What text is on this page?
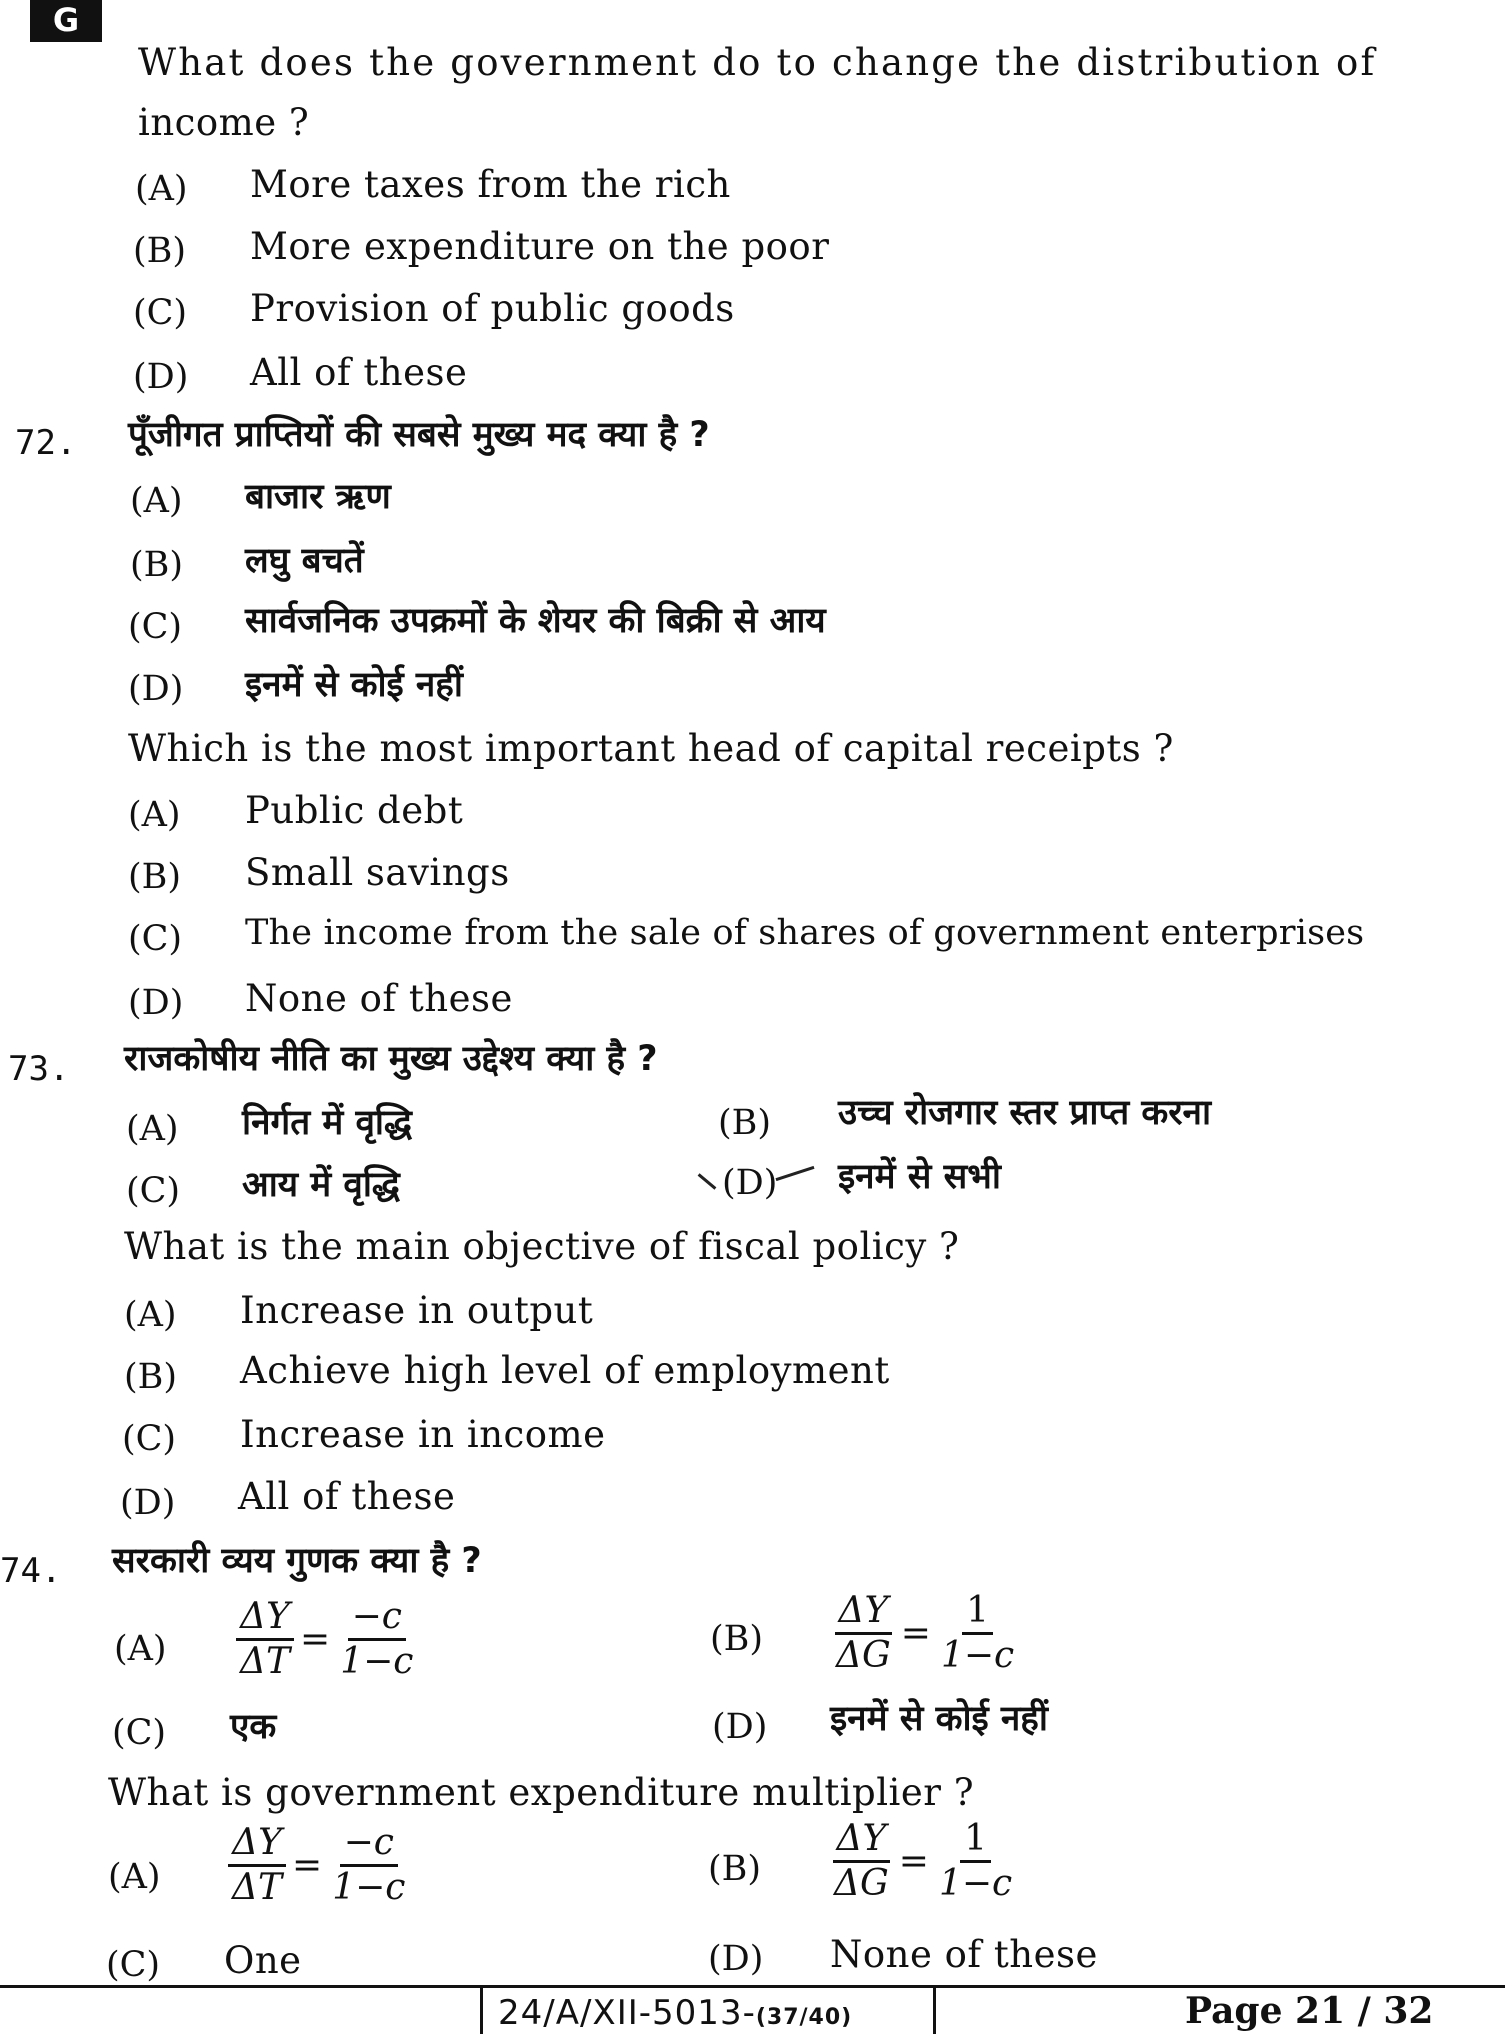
G
What does the government do to change the distribution of
income ?
(A) More taxes from the rich
(B) More expenditure on the poor
(C) Provision of public goods
(D) All of these
72. पूँजीगत प्राप्तियों की सबसे मुख्य मद क्या है ?
(A) बाजार ऋण
(B) लघु बचतें
(C) सार्वजनिक उपक्रमों के शेयर की बिक्री से आय
(D) इनमें से कोई नहीं
Which is the most important head of capital receipts ?
(A) Public debt
(B) Small savings
(C) The income from the sale of shares of government enterprises
(D) None of these
73. राजकोषीय नीति का मुख्य उद्देश्य क्या है ?
(A) निर्गत में वृद्धि	(B) उच्च रोजगार स्तर प्राप्त करना
(C) आय में वृद्धि	(D) इनमें से सभी
What is the main objective of fiscal policy ?
(A) Increase in output
(B) Achieve high level of employment
(C) Increase in income
(D) All of these
74. सरकारी व्यय गुणक क्या है ?
$(A) \frac{\Delta Y}{\Delta T} = \frac{-c}{1-c}$	$(B) \frac{\Delta Y}{\Delta G} = \frac{1}{1-c}$
(C) एक	(D) इनमें से कोई नहीं
What is government expenditure multiplier ?
$(A) \frac{\Delta Y}{\Delta T} = \frac{-c}{1-c}$	$(B) \frac{\Delta Y}{\Delta G} = \frac{1}{1-c}$
(C) One	(D) None of these
24/A/XII-5013-(37/40)	Page 21 / 32
